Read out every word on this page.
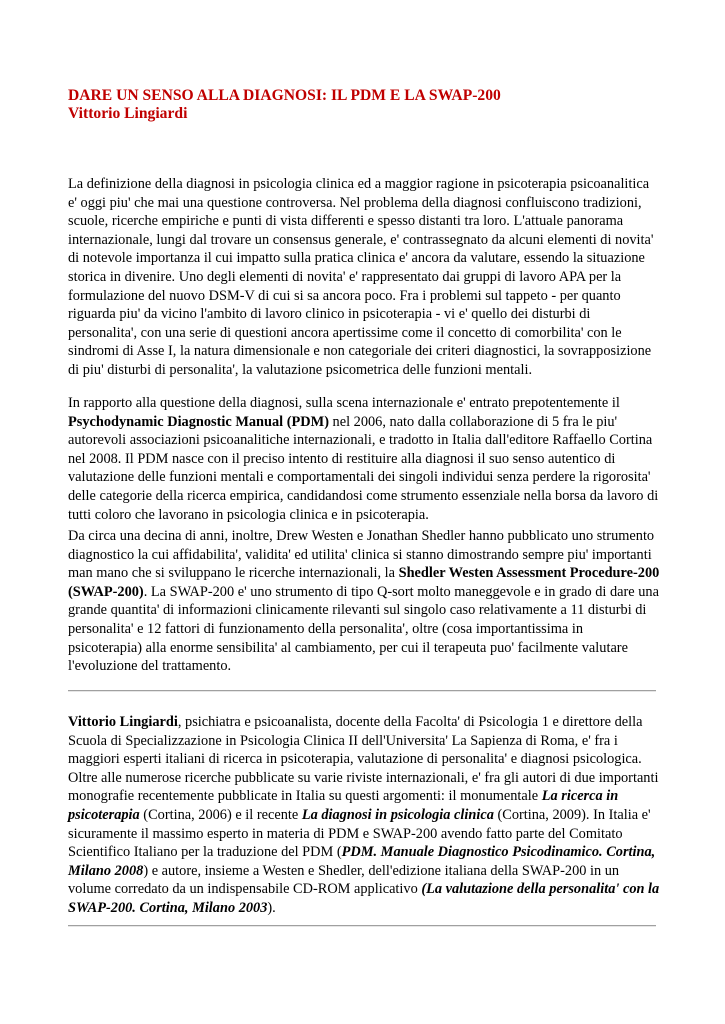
DARE UN SENSO ALLA DIAGNOSI: IL PDM E LA SWAP-200
Vittorio Lingiardi

La definizione della diagnosi in psicologia clinica ed a maggior ragione in psicoterapia psicoanalitica e' oggi piu' che mai una questione controversa. Nel problema della diagnosi confluiscono tradizioni, scuole, ricerche empiriche e punti di vista differenti e spesso distanti tra loro. L'attuale panorama internazionale, lungi dal trovare un consensus generale, e' contrassegnato da alcuni elementi di novita' di notevole importanza il cui impatto sulla pratica clinica e' ancora da valutare, essendo la situazione storica in divenire. Uno degli elementi di novita' e' rappresentato dai gruppi di lavoro APA per la formulazione del nuovo DSM-V di cui si sa ancora poco. Fra i problemi sul tappeto - per quanto riguarda piu' da vicino l'ambito di lavoro clinico in psicoterapia - vi e' quello dei disturbi di personalita', con una serie di questioni ancora apertissime come il concetto di comorbilita' con le sindromi di Asse I, la natura dimensionale e non categoriale dei criteri diagnostici, la sovrapposizione di piu' disturbi di personalita', la valutazione psicometrica delle funzioni mentali.

In rapporto alla questione della diagnosi, sulla scena internazionale e' entrato prepotentemente il Psychodynamic Diagnostic Manual (PDM) nel 2006, nato dalla collaborazione di 5 fra le piu' autorevoli associazioni psicoanalitiche internazionali, e tradotto in Italia dall'editore Raffaello Cortina nel 2008. Il PDM nasce con il preciso intento di restituire alla diagnosi il suo senso autentico di valutazione delle funzioni mentali e comportamentali dei singoli individui senza perdere la rigorosita' delle categorie della ricerca empirica, candidandosi come strumento essenziale nella borsa da lavoro di tutti coloro che lavorano in psicologia clinica e in psicoterapia.

Da circa una decina di anni, inoltre, Drew Westen e Jonathan Shedler hanno pubblicato uno strumento diagnostico la cui affidabilita', validita' ed utilita' clinica si stanno dimostrando sempre piu' importanti man mano che si sviluppano le ricerche internazionali, la Shedler Westen Assessment Procedure-200 (SWAP-200). La SWAP-200 e' uno strumento di tipo Q-sort molto maneggevole e in grado di dare una grande quantita' di informazioni clinicamente rilevanti sul singolo caso relativamente a 11 disturbi di personalita' e 12 fattori di funzionamento della personalita', oltre (cosa importantissima in psicoterapia) alla enorme sensibilita' al cambiamento, per cui il terapeuta puo' facilmente valutare l'evoluzione del trattamento.

Vittorio Lingiardi, psichiatra e psicoanalista, docente della Facolta' di Psicologia 1 e direttore della Scuola di Specializzazione in Psicologia Clinica II dell'Universita' La Sapienza di Roma, e' fra i maggiori esperti italiani di ricerca in psicoterapia, valutazione di personalita' e diagnosi psicologica. Oltre alle numerose ricerche pubblicate su varie riviste internazionali, e' fra gli autori di due importanti monografie recentemente pubblicate in Italia su questi argomenti: il monumentale La ricerca in psicoterapia (Cortina, 2006) e il recente La diagnosi in psicologia clinica (Cortina, 2009). In Italia e' sicuramente il massimo esperto in materia di PDM e SWAP-200 avendo fatto parte del Comitato Scientifico Italiano per la traduzione del PDM (PDM. Manuale Diagnostico Psicodinamico. Cortina, Milano 2008) e autore, insieme a Westen e Shedler, dell'edizione italiana della SWAP-200 in un volume corredato da un indispensabile CD-ROM applicativo (La valutazione della personalita' con la SWAP-200. Cortina, Milano 2003).
